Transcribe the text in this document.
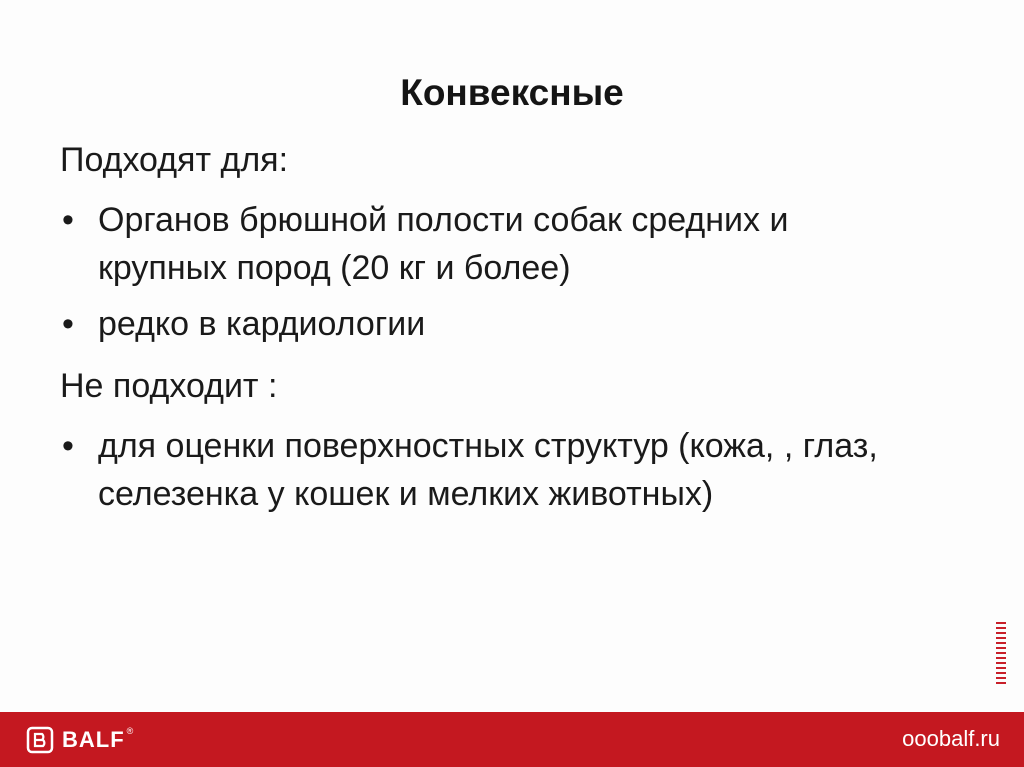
Конвексные

Подходят для:

• Органов брюшной полости собак средних и крупных пород (20 кг и более)
• редко в кардиологии

Не подходит :

• для оценки поверхностных структур (кожа, , глаз, селезенка у кошек и мелких животных)
BALF ®	ooobalf.ru
